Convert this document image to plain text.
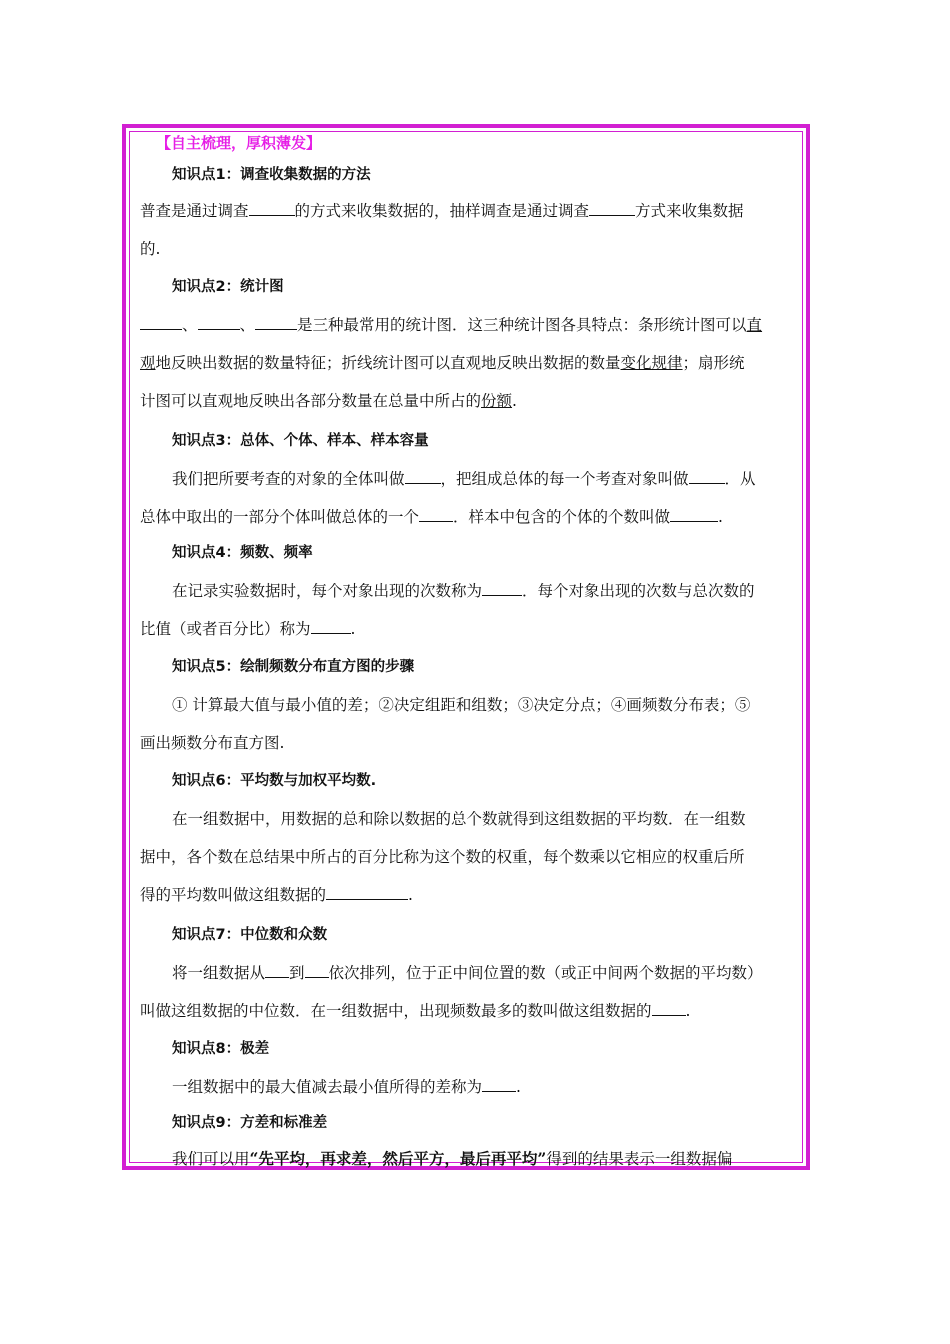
【自主梳理，厚积薄发】
知识点1：调查收集数据的方法
普查是通过调查	的方式来收集数据的，抽样调查是通过调查	方式来收集数据
的.
知识点2：统计图
、	、	是三种最常用的统计图．这三种统计图各具特点：条形统计图可以直
观地反映出数据的数量特征；折线统计图可以直观地反映出数据的数量变化规律；扇形统
计图可以直观地反映出各部分数量在总量中所占的份额.
知识点3：总体、个体、样本、样本容量
我们把所要考查的对象的全体叫做 ，把组成总体的每一个考查对象叫做 ．从
总体中取出的一部分个体叫做总体的一个 ．样本中包含的个体的个数叫做	.
知识点4：频数、频率
在记录实验数据时，每个对象出现的次数称为	．每个对象出现的次数与总次数的
比值（或者百分比）称为	.
知识点5：绘制频数分布直方图的步骤
① 计算最大值与最小值的差；②决定组距和组数；③决定分点；④画频数分布表；⑤
画出频数分布直方图.
知识点6：平均数与加权平均数.
在一组数据中，用数据的总和除以数据的总个数就得到这组数据的平均数．在一组数
据中，各个数在总结果中所占的百分比称为这个数的权重，每个数乘以它相应的权重后所
得的平均数叫做这组数据的	.
知识点7：中位数和众数
将一组数据从 到 依次排列，位于正中间位置的数（或正中间两个数据的平均数）
叫做这组数据的中位数．在一组数据中，出现频数最多的数叫做这组数据的 .
知识点8：极差
一组数据中的最大值减去最小值所得的差称为 .
知识点9：方差和标准差
我们可以用“先平均，再求差，然后平方，最后再平均”得到的结果表示一组数据偏
